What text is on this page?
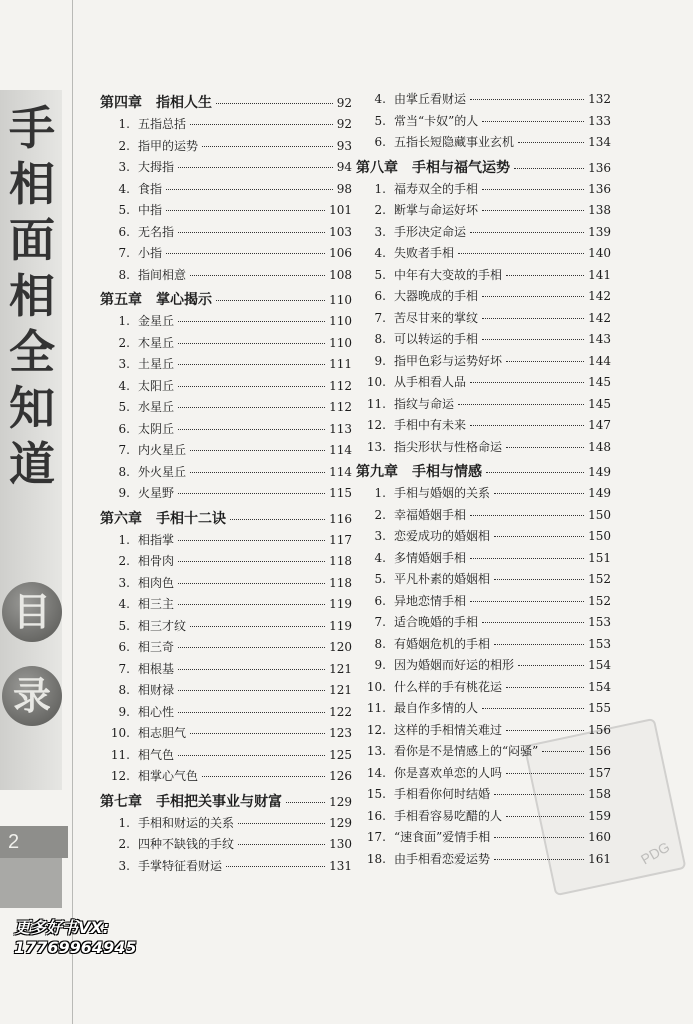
手
相
面
相
全
知
道
目
录
2	PDG
更多好书VX:
17769964945
第四章 指相人生	92
1. 五指总括	92
2. 指甲的运势	93
3. 大拇指	94
4. 食指	98
5. 中指	101
6. 无名指	103
7. 小指	106
8. 指间相意	108
第五章 掌心揭示	110
1. 金星丘	110
2. 木星丘	110
3. 土星丘	111
4. 太阳丘	112
5. 水星丘	112
6. 太阴丘	113
7. 内火星丘	114
8. 外火星丘	114
9. 火星野	115
第六章 手相十二诀	116
1. 相指掌	117
2. 相骨肉	118
3. 相肉色	118
4. 相三主	119
5. 相三才纹	119
6. 相三奇	120
7. 相根基	121
8. 相财禄	121
9. 相心性	122
10. 相志胆气	123
11. 相气色	125
12. 相掌心气色	126
第七章 手相把关事业与财富	129
1. 手相和财运的关系	129
2. 四种不缺钱的手纹	130
3. 手掌特征看财运	131
4. 由掌丘看财运	132
5. 常当“卡奴”的人	133
6. 五指长短隐藏事业玄机	134
第八章 手相与福气运势	136
1. 福寿双全的手相	136
2. 断掌与命运好坏	138
3. 手形决定命运	139
4. 失败者手相	140
5. 中年有大变故的手相	141
6. 大器晚成的手相	142
7. 苦尽甘来的掌纹	142
8. 可以转运的手相	143
9. 指甲色彩与运势好坏	144
10. 从手相看人品	145
11. 指纹与命运	145
12. 手相中有未来	147
13. 指尖形状与性格命运	148
第九章 手相与情感	149
1. 手相与婚姻的关系	149
2. 幸福婚姻手相	150
3. 恋爱成功的婚姻相	150
4. 多情婚姻手相	151
5. 平凡朴素的婚姻相	152
6. 异地恋情手相	152
7. 适合晚婚的手相	153
8. 有婚姻危机的手相	153
9. 因为婚姻而好运的相形	154
10. 什么样的手有桃花运	154
11. 最自作多情的人	155
12. 这样的手相情关难过	156
13. 看你是不是情感上的“闷骚”	156
14. 你是喜欢单恋的人吗	157
15. 手相看你何时结婚	158
16. 手相看容易吃醋的人	159
17. “速食面”爱情手相	160
18. 由手相看恋爱运势	161
